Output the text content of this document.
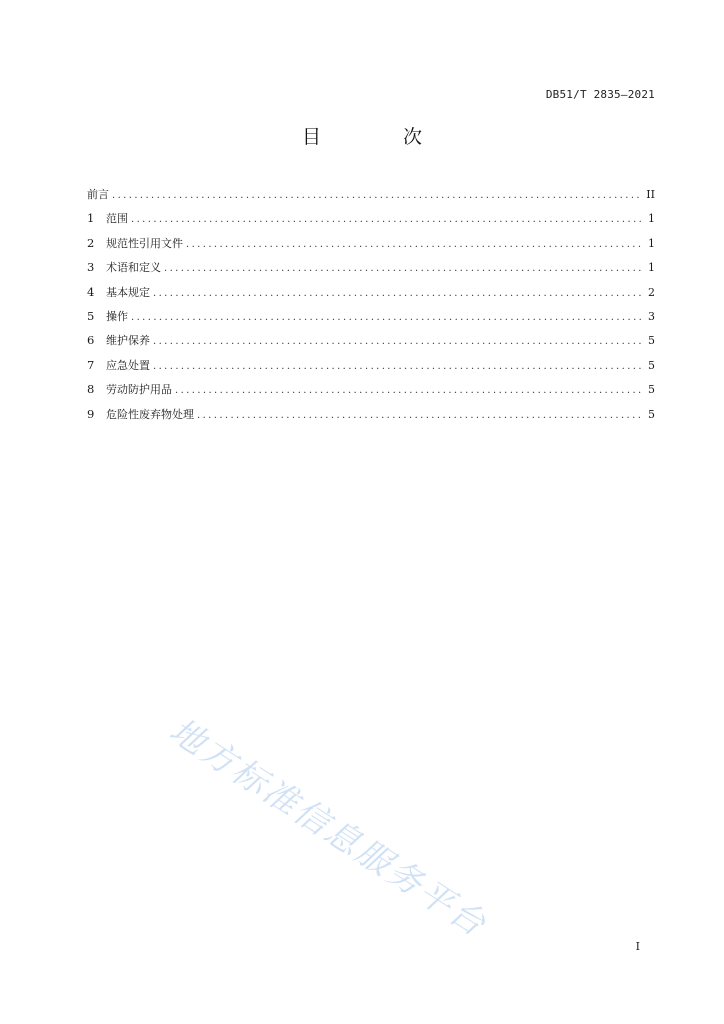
DB51/T 2835—2021
目 次
前言 .....	II
1	范围 .....	1
2	规范性引用文件 .....	1
3	术语和定义 .....	1
4	基本规定 .....	2
5	操作 .....	3
6	维护保养 .....	5
7	应急处置 .....	5
8	劳动防护用品 .....	5
9	危险性废弃物处理 .....	5
地方标准信息服务平台
I
